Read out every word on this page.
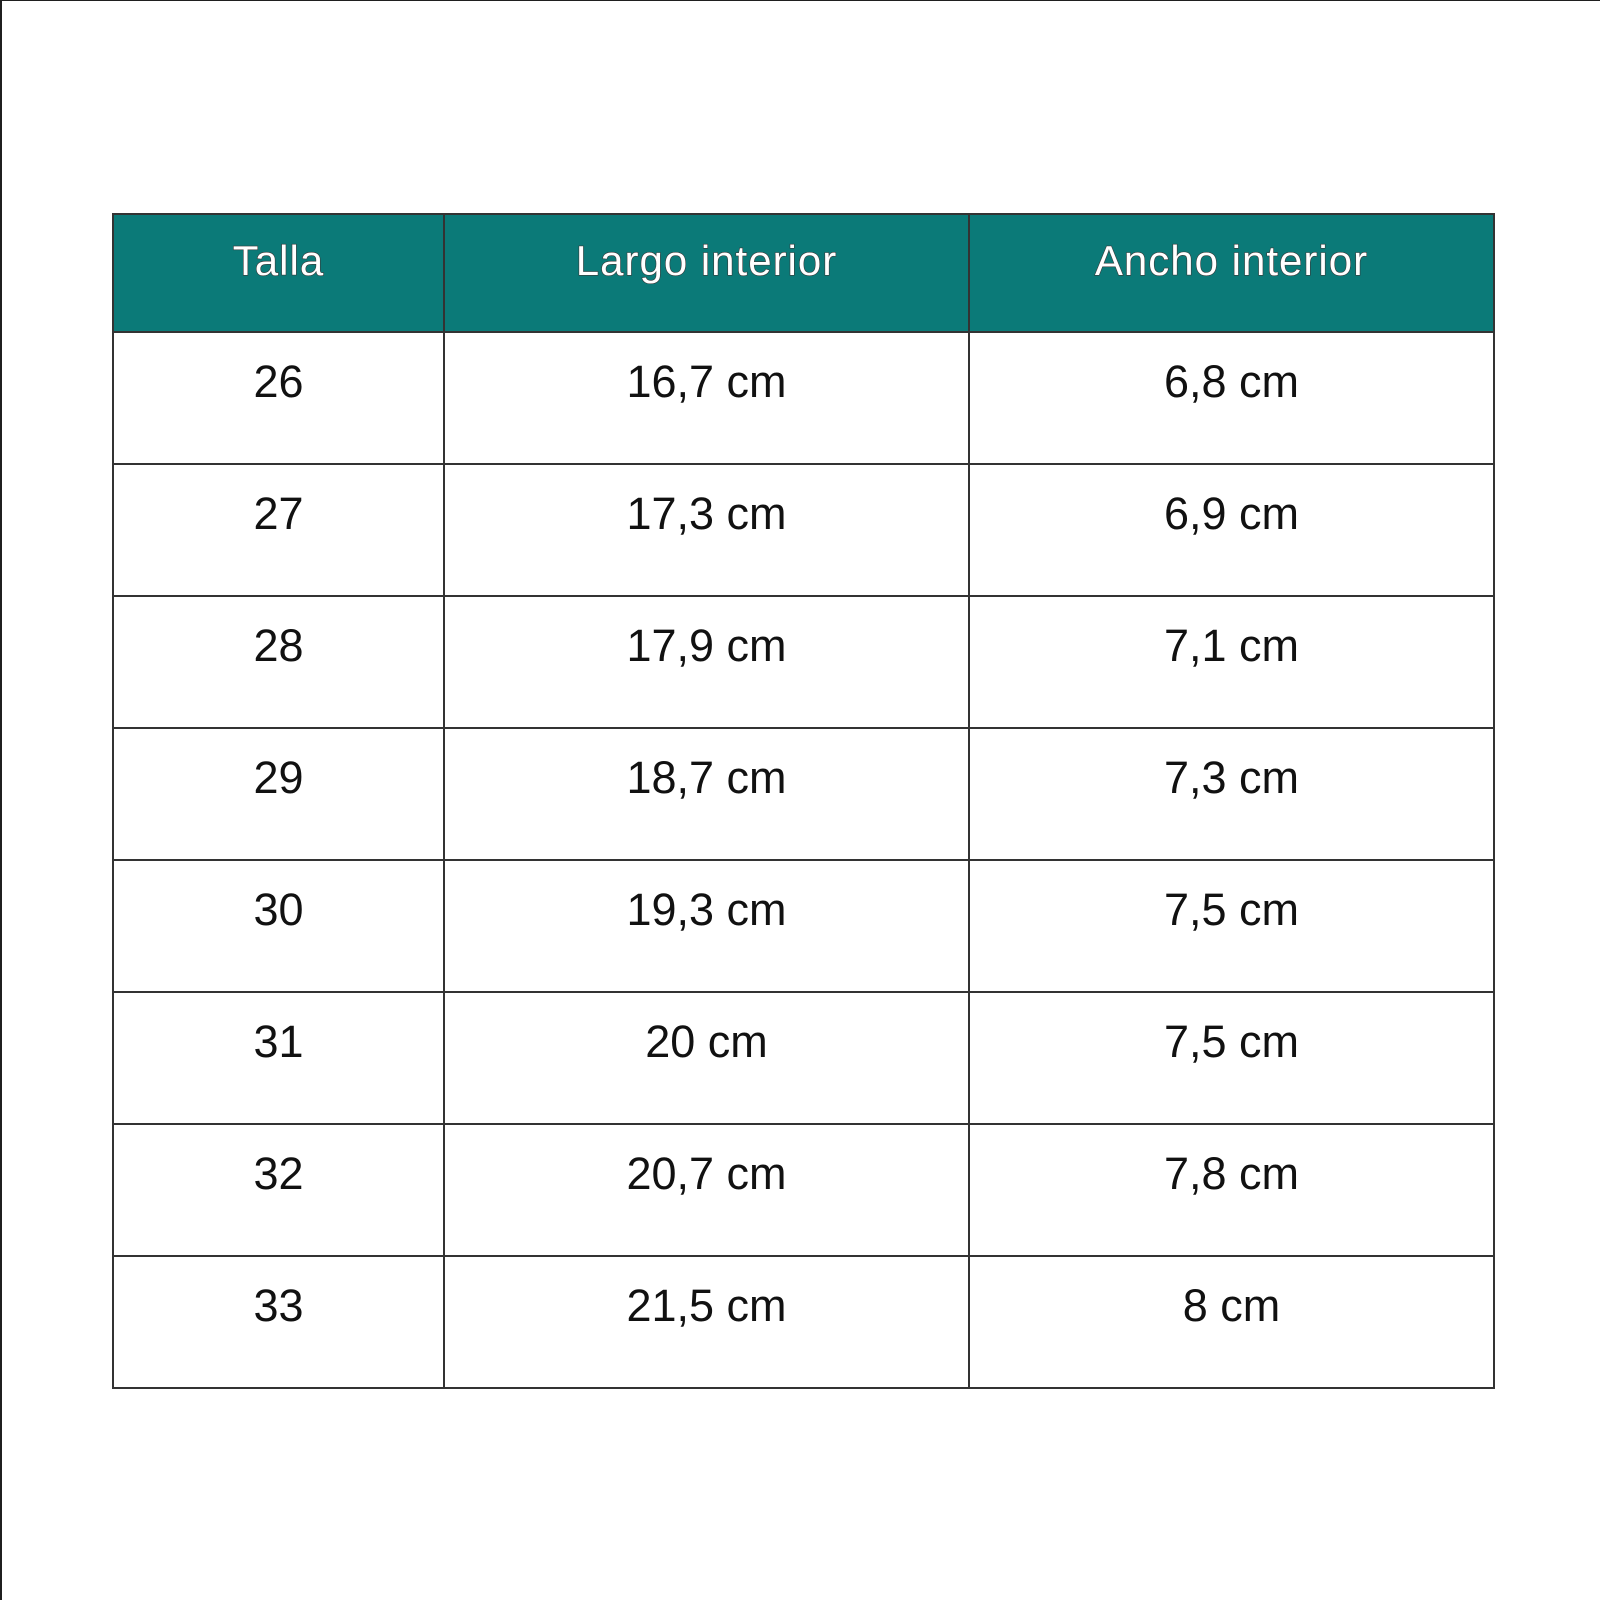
Talla	Largo interior	Ancho interior
26	16,7 cm	6,8 cm
27	17,3 cm	6,9 cm
28	17,9 cm	7,1 cm
29	18,7 cm	7,3 cm
30	19,3 cm	7,5 cm
31	20 cm	7,5 cm
32	20,7 cm	7,8 cm
33	21,5 cm	8 cm
